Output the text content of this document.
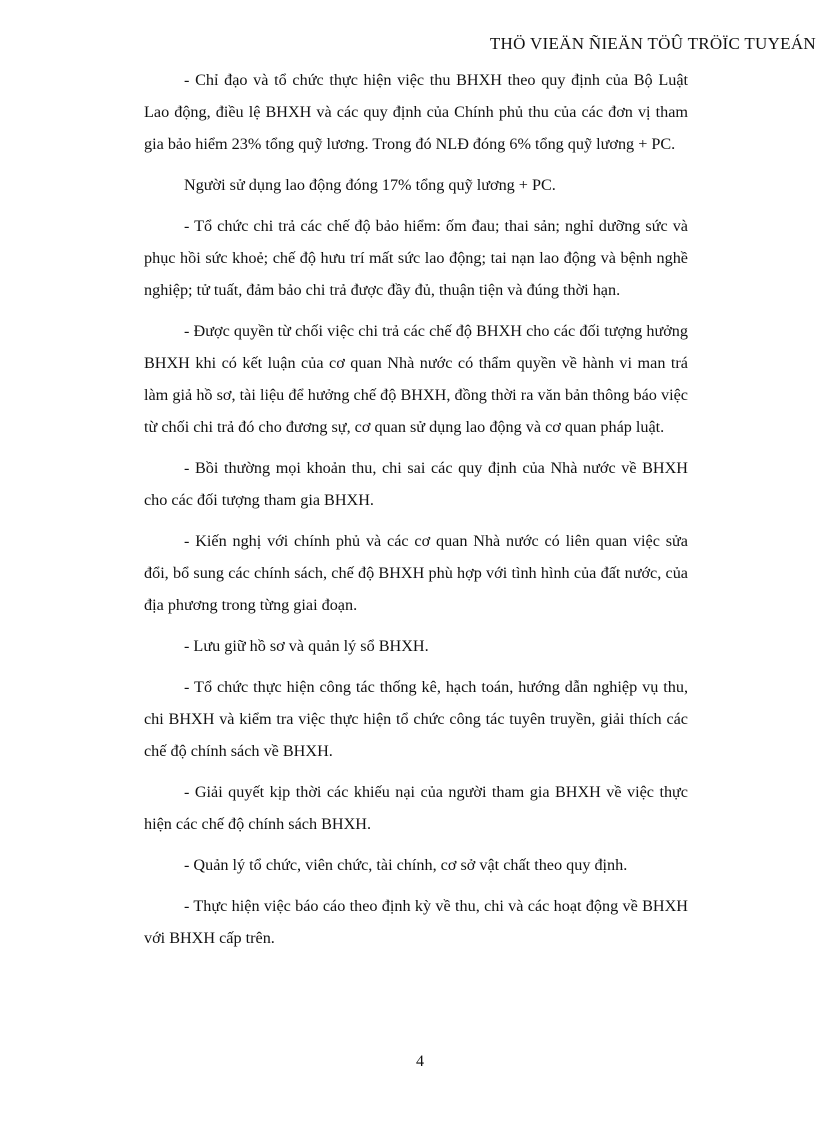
THÖ VIEÄN ÑIEÄN TÖÛ TRÖÏC TUYEÁN

- Chỉ đạo và tổ chức thực hiện việc thu BHXH theo quy định của Bộ Luật Lao động, điều lệ BHXH và các quy định của Chính phủ thu của các đơn vị tham gia bảo hiểm 23% tổng quỹ lương. Trong đó NLĐ đóng 6% tổng quỹ lương + PC.

Người sử dụng lao động đóng 17% tổng quỹ lương + PC.

- Tổ chức chi trả các chế độ bảo hiểm: ốm đau; thai sản; nghỉ dưỡng sức và phục hồi sức khoẻ; chế độ hưu trí mất sức lao động; tai nạn lao động và bệnh nghề nghiệp; tử tuất, đảm bảo chi trả được đầy đủ, thuận tiện và đúng thời hạn.

- Được quyền từ chối việc chi trả các chế độ BHXH cho các đối tượng hưởng BHXH khi có kết luận của cơ quan Nhà nước có thẩm quyền về hành vi man trá làm giả hồ sơ, tài liệu để hưởng chế độ BHXH, đồng thời ra văn bản thông báo việc từ chối chi trả đó cho đương sự, cơ quan sử dụng lao động và cơ quan pháp luật.

- Bồi thường mọi khoản thu, chi sai các quy định của Nhà nước về BHXH cho các đối tượng tham gia BHXH.

- Kiến nghị với chính phủ và các cơ quan Nhà nước có liên quan việc sửa đổi, bổ sung các chính sách, chế độ BHXH phù hợp với tình hình của đất nước, của địa phương trong từng giai đoạn.

- Lưu giữ hồ sơ và quản lý sổ BHXH.

- Tổ chức thực hiện công tác thống kê, hạch toán, hướng dẫn nghiệp vụ thu, chi BHXH và kiểm tra việc thực hiện tổ chức công tác tuyên truyền, giải thích các chế độ chính sách về BHXH.

- Giải quyết kịp thời các khiếu nại của người tham gia BHXH về việc thực hiện các chế độ chính sách BHXH.

- Quản lý tổ chức, viên chức, tài chính, cơ sở vật chất theo quy định.

- Thực hiện việc báo cáo theo định kỳ về thu, chi và các hoạt động về BHXH với BHXH cấp trên.

4
